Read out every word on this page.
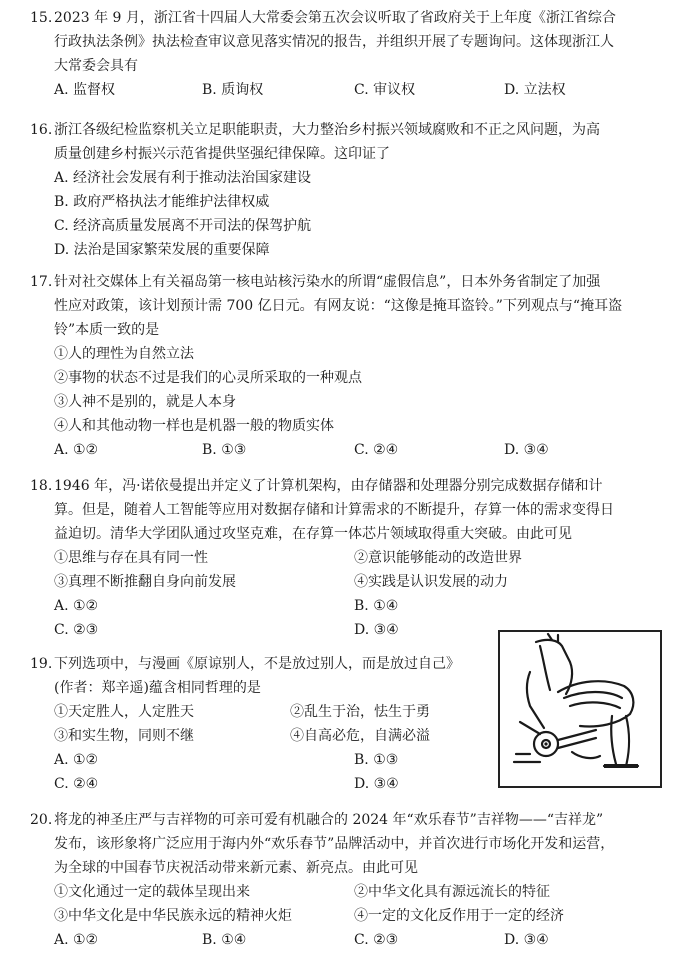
15. 2023 年 9 月，浙江省十四届人大常委会第五次会议听取了省政府关于上年度《浙江省综合
行政执法条例》执法检查审议意见落实情况的报告，并组织开展了专题询问。这体现浙江人
大常委会具有
A. 监督权	B. 质询权	C. 审议权	D. 立法权
16. 浙江各级纪检监察机关立足职能职责，大力整治乡村振兴领域腐败和不正之风问题，为高
质量创建乡村振兴示范省提供坚强纪律保障。这印证了
A. 经济社会发展有利于推动法治国家建设
B. 政府严格执法才能维护法律权威
C. 经济高质量发展离不开司法的保驾护航
D. 法治是国家繁荣发展的重要保障
17. 针对社交媒体上有关福岛第一核电站核污染水的所谓“虚假信息”，日本外务省制定了加强
性应对政策，该计划预计需 700 亿日元。有网友说：“这像是掩耳盗铃。”下列观点与“掩耳盗
铃”本质一致的是
①人的理性为自然立法
②事物的状态不过是我们的心灵所采取的一种观点
③人神不是别的，就是人本身
④人和其他动物一样也是机器一般的物质实体
A. ①②	B. ①③	C. ②④	D. ③④
18. 1946 年，冯·诺依曼提出并定义了计算机架构，由存储器和处理器分别完成数据存储和计
算。但是，随着人工智能等应用对数据存储和计算需求的不断提升，存算一体的需求变得日
益迫切。清华大学团队通过攻坚克难，在存算一体芯片领域取得重大突破。由此可见
①思维与存在具有同一性	②意识能够能动的改造世界
③真理不断推翻自身向前发展	④实践是认识发展的动力
A. ①②	B. ①④
C. ②③	D. ③④
19. 下列选项中，与漫画《原谅别人，不是放过别人，而是放过自己》
(作者：郑辛遥)蕴含相同哲理的是
①天定胜人，人定胜天	②乱生于治，怯生于勇
③和实生物，同则不继	④自高必危，自满必溢
A. ①②	B. ①③
C. ②④	D. ③④
20. 将龙的神圣庄严与吉祥物的可亲可爱有机融合的 2024 年“欢乐春节”吉祥物——“吉祥龙”
发布，该形象将广泛应用于海内外“欢乐春节”品牌活动中，并首次进行市场化开发和运营，
为全球的中国春节庆祝活动带来新元素、新亮点。由此可见
①文化通过一定的载体呈现出来	②中华文化具有源远流长的特征
③中华文化是中华民族永远的精神火炬	④一定的文化反作用于一定的经济
A. ①②	B. ①④	C. ②③	D. ③④
